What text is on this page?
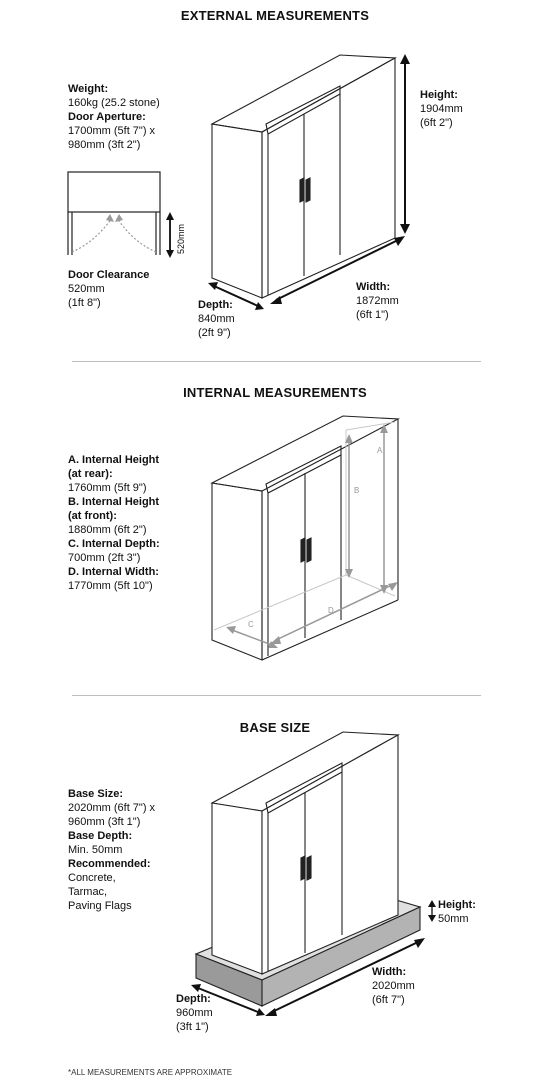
EXTERNAL MEASUREMENTS
Weight:
160kg (25.2 stone)
Door Aperture:
1700mm (5ft 7") x
980mm (3ft 2")
520mm
Door Clearance
520mm
(1ft 8")
Height:
1904mm
(6ft 2")
Width:
1872mm
(6ft 1")
Depth:
840mm
(2ft 9")
INTERNAL MEASUREMENTS
A. Internal Height
(at rear):
1760mm (5ft 9")
B. Internal Height
(at front):
1880mm (6ft 2")
C. Internal Depth:
700mm (2ft 3")
D. Internal Width:
1770mm (5ft 10")
A
B
C
D
BASE SIZE
Base Size:
2020mm (6ft 7") x
960mm (3ft 1")
Base Depth:
Min. 50mm
Recommended:
Concrete,
Tarmac,
Paving Flags	Height:
50mm
Width:
2020mm
(6ft 7")
Depth:
960mm
(3ft 1")
*ALL MEASUREMENTS ARE APPROXIMATE
